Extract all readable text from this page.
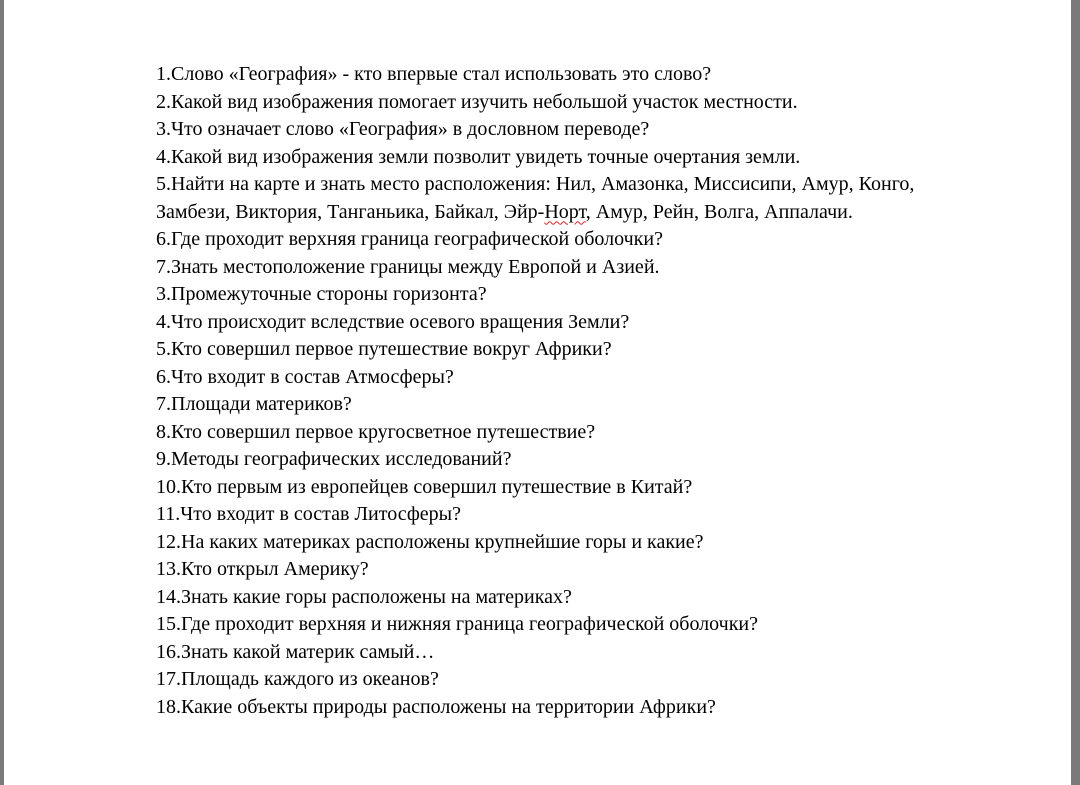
1.Слово «География» - кто впервые стал использовать это слово?
2.Какой вид изображения помогает изучить небольшой участок местности.
3.Что означает слово «География» в дословном переводе?
4.Какой вид изображения земли позволит увидеть точные очертания земли.
5.Найти на карте и знать место расположения: Нил, Амазонка, Миссисипи, Амур, Конго,
Замбези, Виктория, Танганьика, Байкал, Эйр-Норт, Амур, Рейн, Волга, Аппалачи.
6.Где проходит верхняя граница географической оболочки?
7.Знать местоположение границы между Европой и Азией.
3.Промежуточные стороны горизонта?
4.Что происходит вследствие осевого вращения Земли?
5.Кто совершил первое путешествие вокруг Африки?
6.Что входит в состав Атмосферы?
7.Площади материков?
8.Кто совершил первое кругосветное путешествие?
9.Методы географических исследований?
10.Кто первым из европейцев совершил путешествие в Китай?
11.Что входит в состав Литосферы?
12.На каких материках расположены крупнейшие горы и какие?
13.Кто открыл Америку?
14.Знать какие горы расположены на материках?
15.Где проходит верхняя и нижняя граница географической оболочки?
16.Знать какой материк самый…
17.Площадь каждого из океанов?
18.Какие объекты природы расположены на территории Африки?
